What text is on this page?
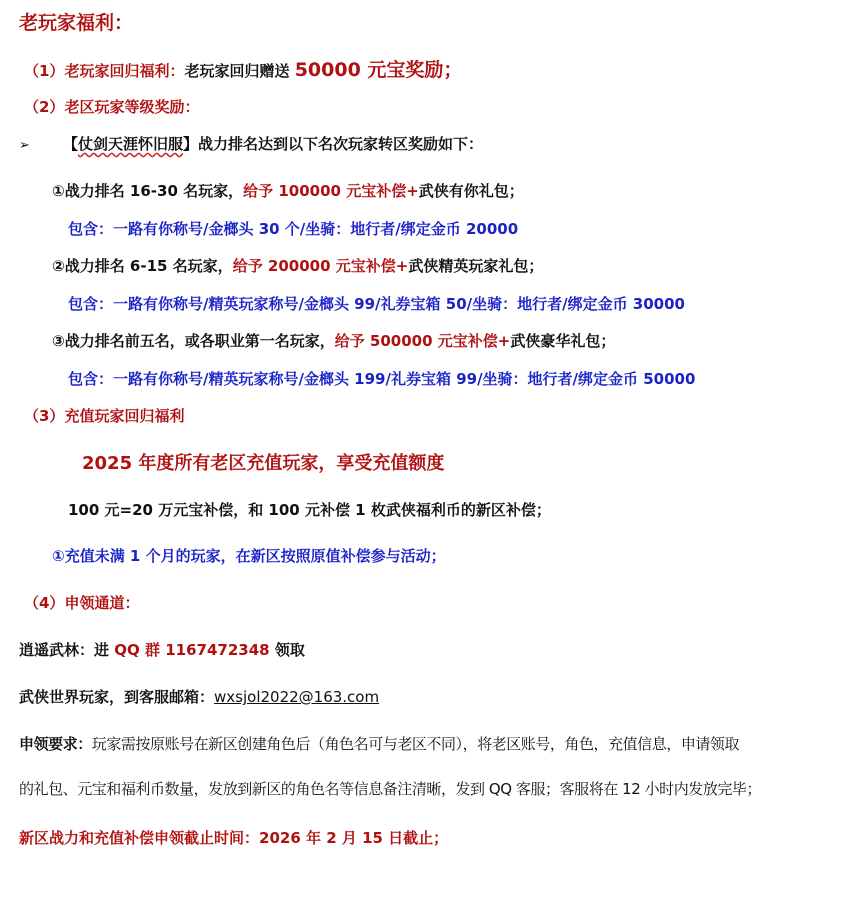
老玩家福利：
（1）老玩家回归福利：老玩家回归赠送 50000 元宝奖励；
（2）老区玩家等级奖励：
➢ 【仗剑天涯怀旧服】战力排名达到以下名次玩家转区奖励如下：
①战力排名 16-30 名玩家，给予 100000 元宝补偿+武侠有你礼包；
包含：一路有你称号/金榔头 30 个/坐骑：地行者/绑定金币 20000
②战力排名 6-15 名玩家，给予 200000 元宝补偿+武侠精英玩家礼包；
包含：一路有你称号/精英玩家称号/金榔头 99/礼券宝箱 50/坐骑：地行者/绑定金币 30000
③战力排名前五名，或各职业第一名玩家，给予 500000 元宝补偿+武侠豪华礼包；
包含：一路有你称号/精英玩家称号/金榔头 199/礼券宝箱 99/坐骑：地行者/绑定金币 50000
（3）充值玩家回归福利
2025 年度所有老区充值玩家，享受充值额度
100 元=20 万元宝补偿，和 100 元补偿 1 枚武侠福利币的新区补偿；
①充值未满 1 个月的玩家，在新区按照原值补偿参与活动；
（4）申领通道：
逍遥武林：进 QQ 群 1167472348 领取
武侠世界玩家，到客服邮箱：wxsjol2022@163.com
申领要求：玩家需按原账号在新区创建角色后（角色名可与老区不同），将老区账号，角色，充值信息，申请领取
的礼包、元宝和福利币数量，发放到新区的角色名等信息备注清晰，发到 QQ 客服；客服将在 12 小时内发放完毕；
新区战力和充值补偿申领截止时间：2026 年 2 月 15 日截止；
